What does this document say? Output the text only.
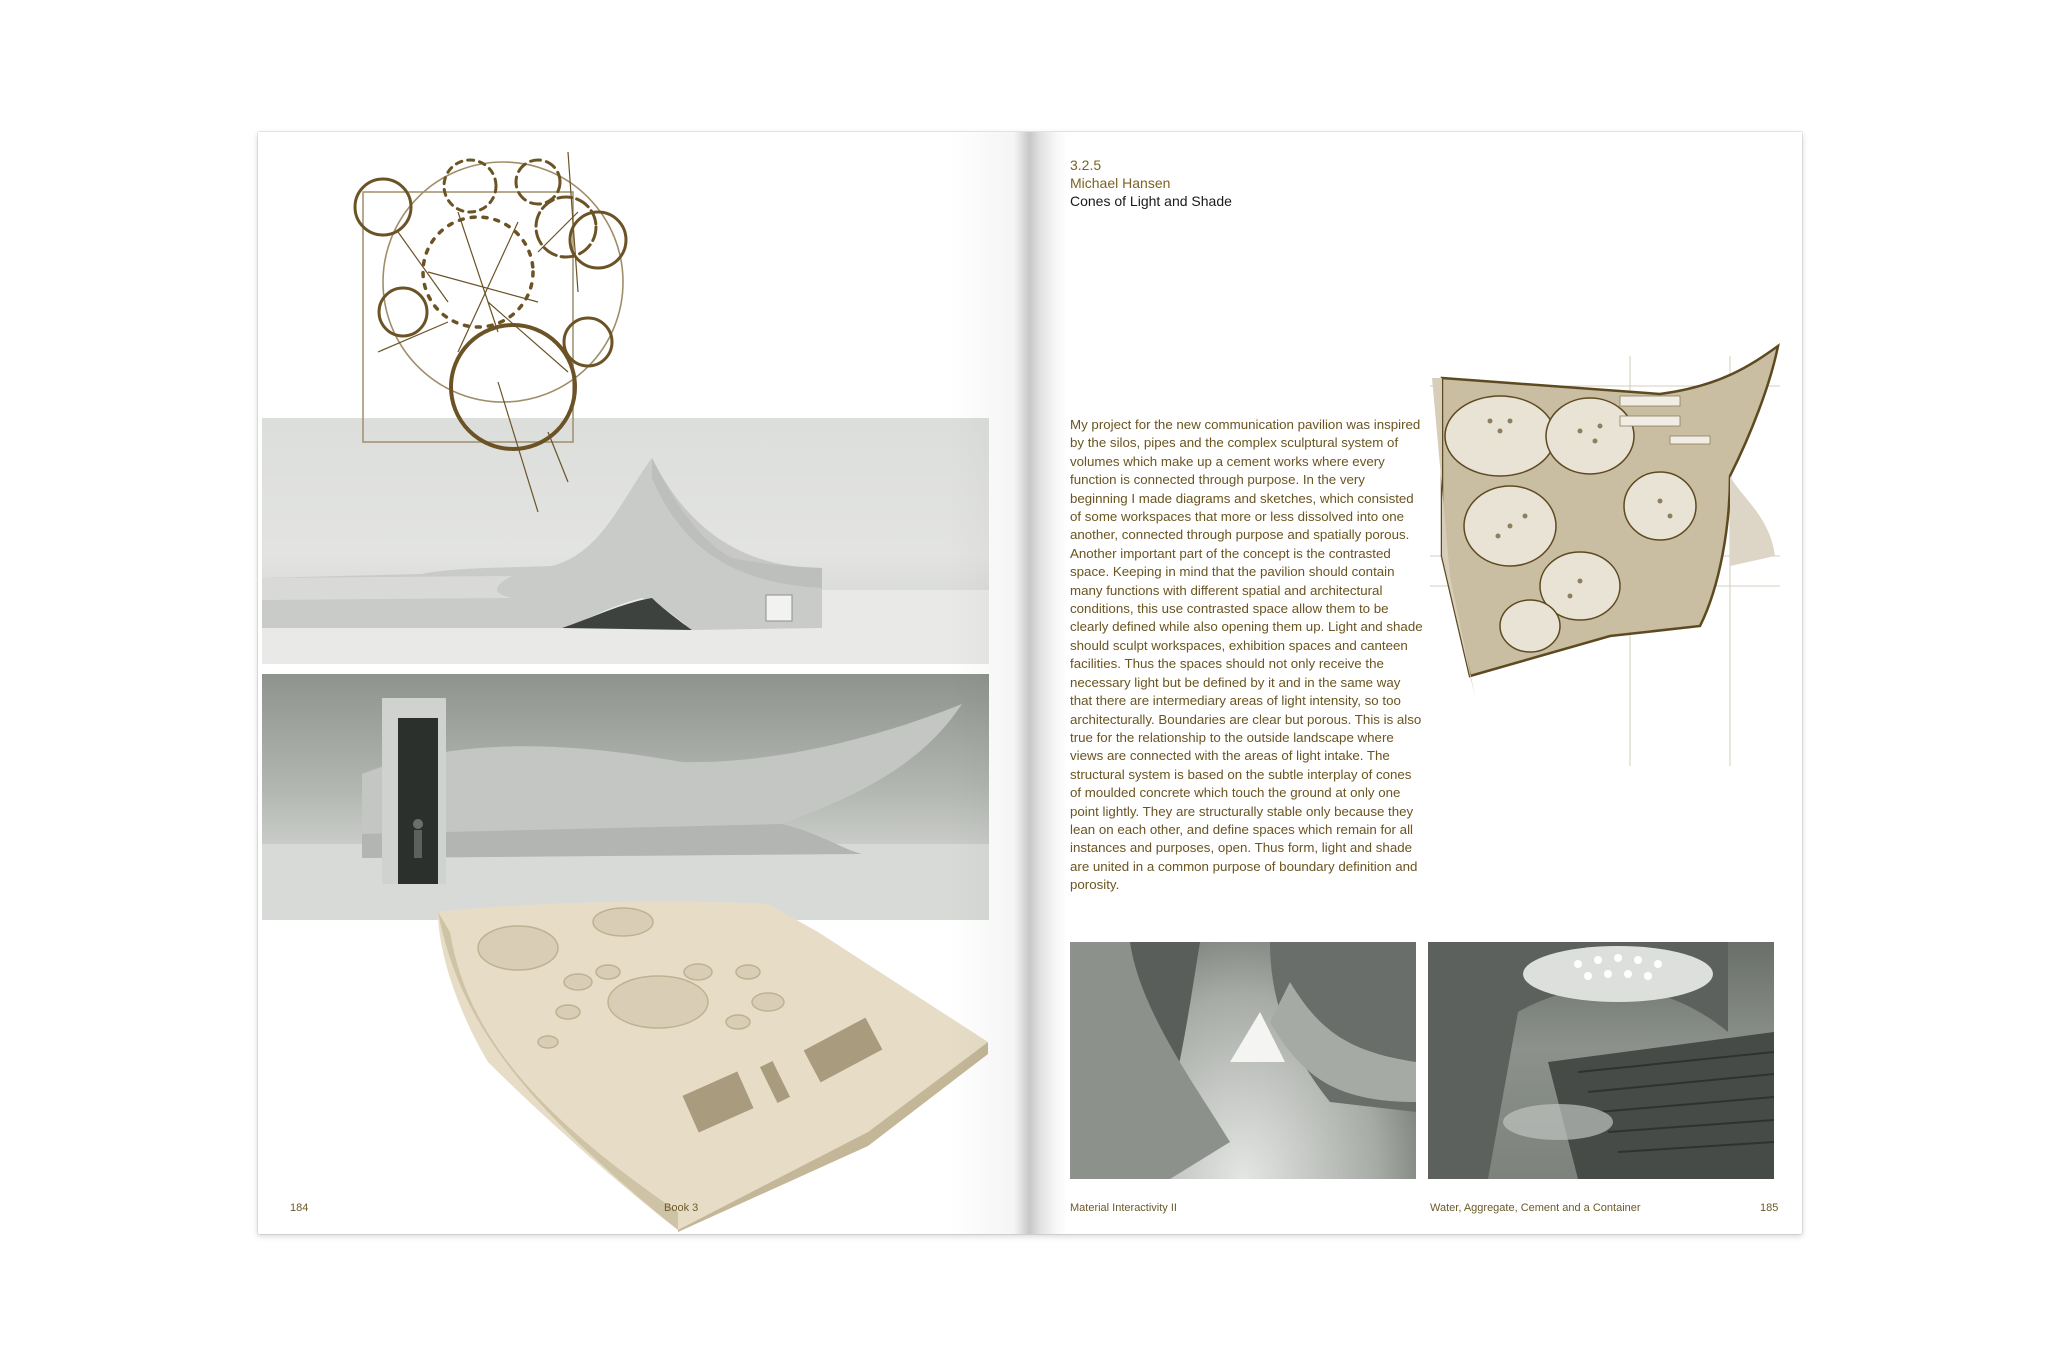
184	Book 3
3.2.5
Michael Hansen
Cones of Light and Shade

My project for the new communication pavilion was inspired by the silos, pipes and the complex sculptural system of volumes which make up a cement works where every function is connected through purpose. In the very beginning I made diagrams and sketches, which consisted of some workspaces that more or less dissolved into one another, connected through purpose and spatially porous. Another important part of the concept is the contrasted space. Keeping in mind that the pavilion should contain many functions with different spatial and architectural conditions, this use contrasted space allow them to be clearly defined while also opening them up. Light and shade should sculpt workspaces, exhibition spaces and canteen facilities. Thus the spaces should not only receive the necessary light but be defined by it and in the same way that there are intermediary areas of light intensity, so too architecturally. Boundaries are clear but porous. This is also true for the relationship to the outside landscape where views are connected with the areas of light intake. The structural system is based on the subtle interplay of cones of moulded concrete which touch the ground at only one point lightly. They are structurally stable only because they lean on each other, and define spaces which remain for all instances and purposes, open. Thus form, light and shade are united in a common purpose of boundary definition and porosity.

Material Interactivity II	Water, Aggregate, Cement and a Container	185
